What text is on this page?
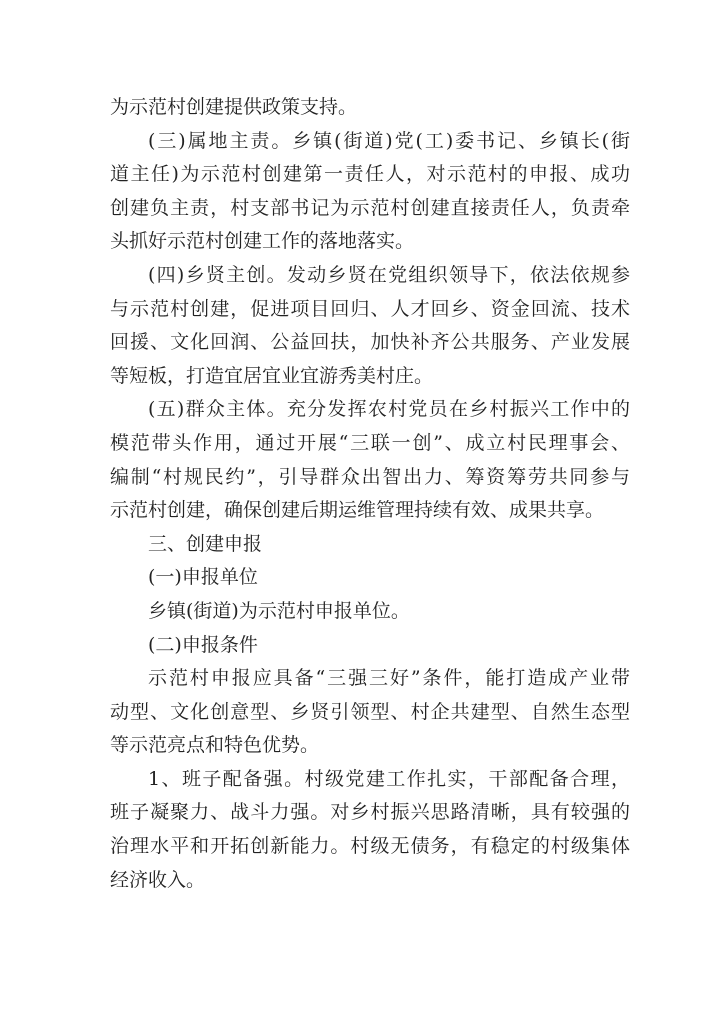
为示范村创建提供政策支持。
(三)属地主责。乡镇(街道)党(工)委书记、乡镇长(街
道主任)为示范村创建第一责任人，对示范村的申报、成功
创建负主责，村支部书记为示范村创建直接责任人，负责牵
头抓好示范村创建工作的落地落实。
(四)乡贤主创。发动乡贤在党组织领导下，依法依规参
与示范村创建，促进项目回归、人才回乡、资金回流、技术
回援、文化回润、公益回扶，加快补齐公共服务、产业发展
等短板，打造宜居宜业宜游秀美村庄。
(五)群众主体。充分发挥农村党员在乡村振兴工作中的
模范带头作用，通过开展“三联一创”、成立村民理事会、
编制“村规民约”，引导群众出智出力、筹资筹劳共同参与
示范村创建，确保创建后期运维管理持续有效、成果共享。
三、创建申报
(一)申报单位
乡镇(街道)为示范村申报单位。
(二)申报条件
示范村申报应具备“三强三好”条件，能打造成产业带
动型、文化创意型、乡贤引领型、村企共建型、自然生态型
等示范亮点和特色优势。
1、班子配备强。村级党建工作扎实，干部配备合理，
班子凝聚力、战斗力强。对乡村振兴思路清晰，具有较强的
治理水平和开拓创新能力。村级无债务，有稳定的村级集体
经济收入。
